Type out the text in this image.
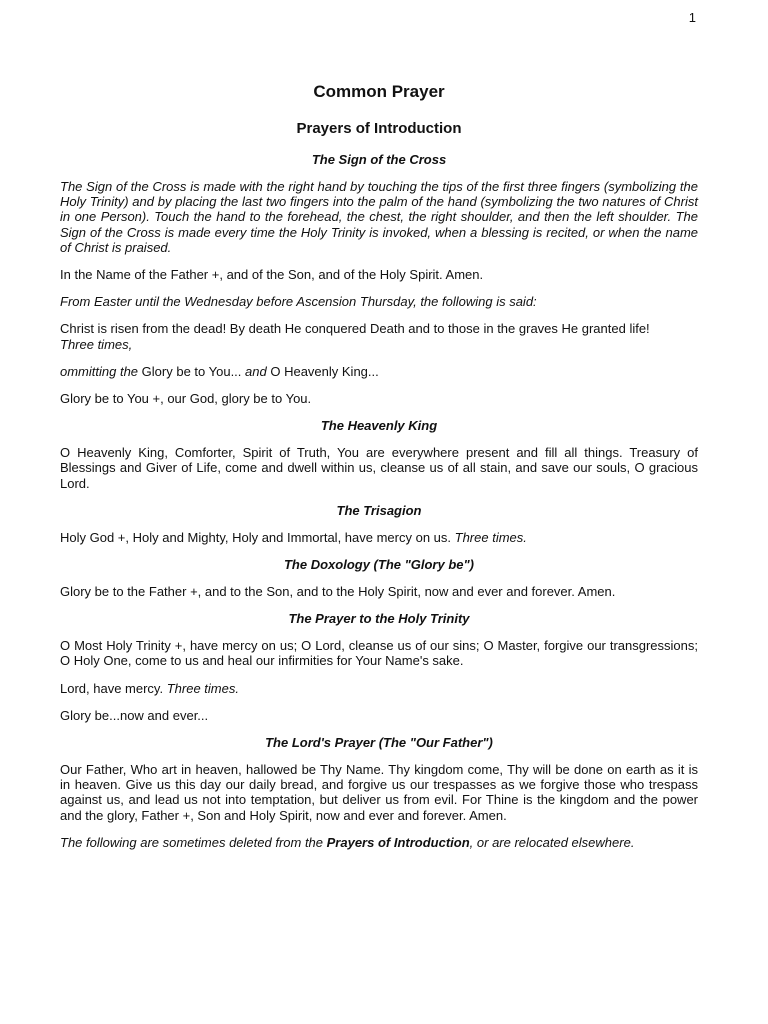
1
Common Prayer
Prayers of Introduction
The Sign of the Cross

The Sign of the Cross is made with the right hand by touching the tips of the first three fingers (symbolizing the Holy Trinity) and by placing the last two fingers into the palm of the hand (symbolizing the two natures of Christ in one Person). Touch the hand to the forehead, the chest, the right shoulder, and then the left shoulder. The Sign of the Cross is made every time the Holy Trinity is invoked, when a blessing is recited, or when the name of Christ is praised.

In the Name of the Father +, and of the Son, and of the Holy Spirit. Amen.

From Easter until the Wednesday before Ascension Thursday, the following is said:

Christ is risen from the dead! By death He conquered Death and to those in the graves He granted life!
Three times,

ommitting the Glory be to You... and O Heavenly King...

Glory be to You +, our God, glory be to You.

The Heavenly King

O Heavenly King, Comforter, Spirit of Truth, You are everywhere present and fill all things. Treasury of Blessings and Giver of Life, come and dwell within us, cleanse us of all stain, and save our souls, O gracious Lord.

The Trisagion

Holy God +, Holy and Mighty, Holy and Immortal, have mercy on us. Three times.

The Doxology (The "Glory be")

Glory be to the Father +, and to the Son, and to the Holy Spirit, now and ever and forever. Amen.

The Prayer to the Holy Trinity

O Most Holy Trinity +, have mercy on us; O Lord, cleanse us of our sins; O Master, forgive our transgressions; O Holy One, come to us and heal our infirmities for Your Name's sake.

Lord, have mercy. Three times.

Glory be...now and ever...

The Lord's Prayer (The "Our Father")

Our Father, Who art in heaven, hallowed be Thy Name. Thy kingdom come, Thy will be done on earth as it is in heaven. Give us this day our daily bread, and forgive us our trespasses as we forgive those who trespass against us, and lead us not into temptation, but deliver us from evil. For Thine is the kingdom and the power and the glory, Father +, Son and Holy Spirit, now and ever and forever. Amen.

The following are sometimes deleted from the Prayers of Introduction, or are relocated elsewhere.
